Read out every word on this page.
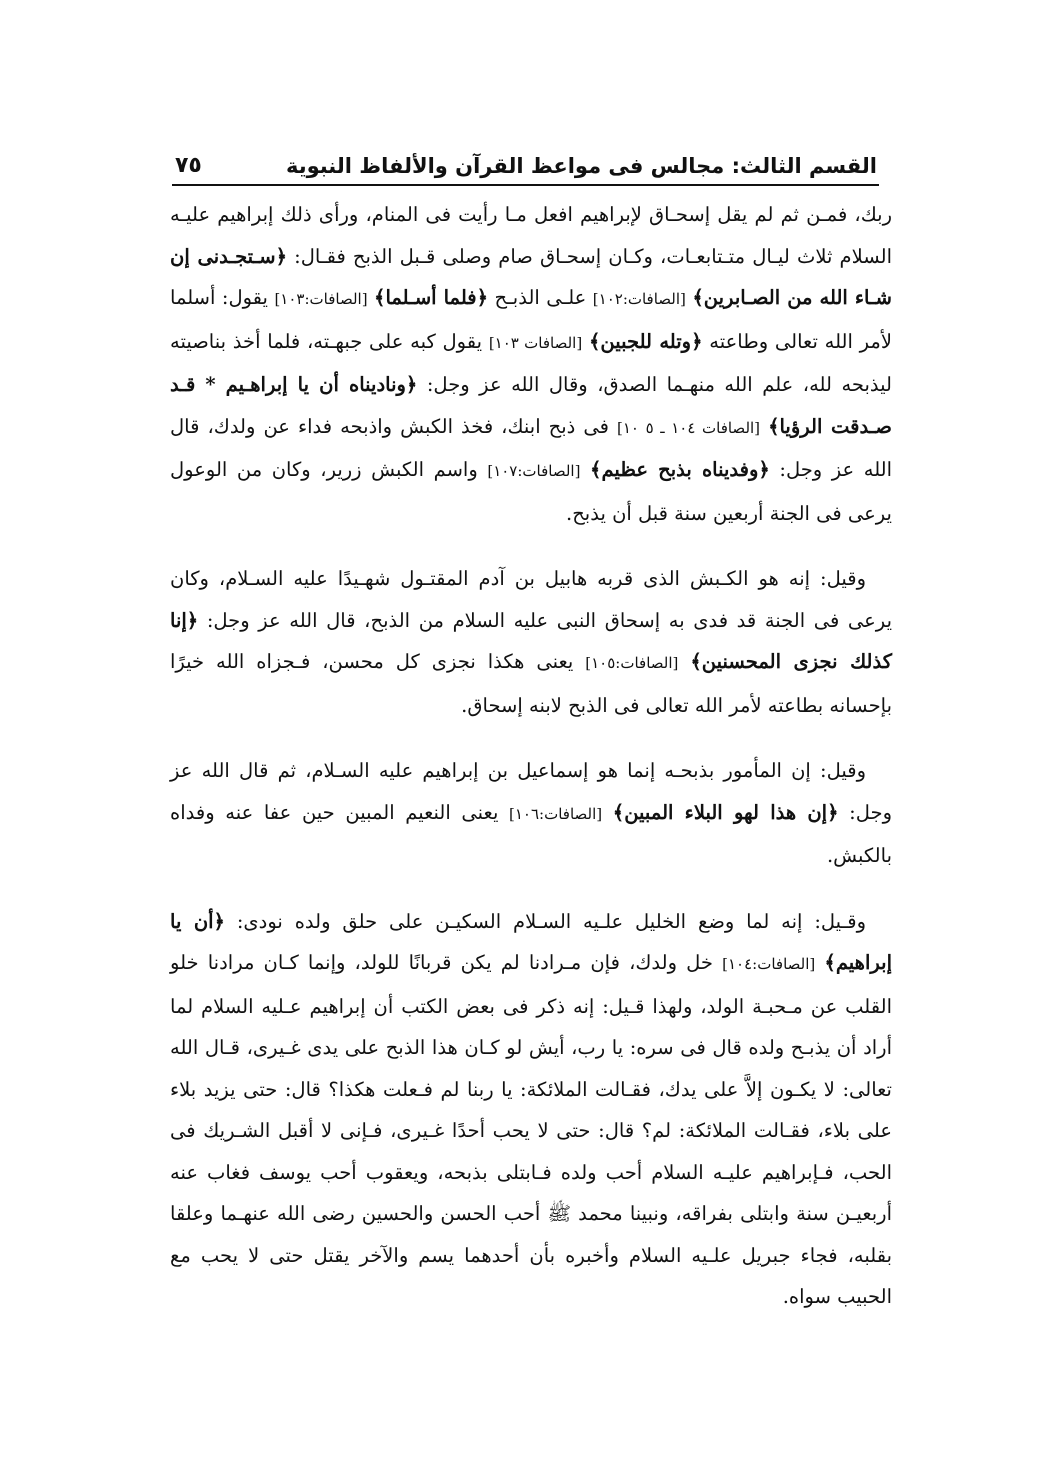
٧٥	القسم الثالث: مجالس فى مواعظ القرآن والألفاظ النبوية

ربك، فمـن ثم لم يقل إسحـاق لإبراهيم افعل مـا رأيت فى المنام، ورأى ذلك إبراهيم عليـه السلام ثلاث ليـال متـتابعـات، وكـان إسحـاق صام وصلى قـبل الذبح فقـال: ﴿سـتجـدنى إن شـاء الله من الصـابرين﴾ [الصافات:١٠٢] علـى الذبـح ﴿فلما أسـلما﴾ [الصافات:١٠٣] يقول: أسلما لأمر الله تعالى وطاعته ﴿وتله للجبين﴾ [الصافات ١٠٣] يقول كبه على جبهـته، فلما أخذ بناصيته ليذبحه لله، علم الله منهـما الصدق، وقال الله عز وجل: ﴿وناديناه أن يا إبراهـيم * قـد صـدقت الرؤيا﴾ [الصافات ١٠٤ ـ ٥ ١٠] فى ذبح ابنك، فخذ الكبش واذبحه فداء عن ولدك، قال الله عز وجل: ﴿وفديناه بذبح عظيم﴾ [الصافات:١٠٧] واسم الكبش زرير، وكان من الوعول يرعى فى الجنة أربعين سنة قبل أن يذبح.

وقيل: إنه هو الكـبش الذى قربه هابيل بن آدم المقتـول شهـيدًا عليه السـلام، وكان يرعى فى الجنة قد فدى به إسحاق النبى عليه السلام من الذبح، قال الله عز وجل: ﴿إنا كذلك نجزى المحسنين﴾ [الصافات:١٠٥] يعنى هكذا نجزى كل محسن، فـجزاه الله خيرًا بإحسانه بطاعته لأمر الله تعالى فى الذبح لابنه إسحاق.

وقيل: إن المأمور بذبحـه إنما هو إسماعيل بن إبراهيم عليه السـلام، ثم قال الله عز وجل: ﴿إن هذا لهو البلاء المبين﴾ [الصافات:١٠٦] يعنى النعيم المبين حين عفا عنه وفداه بالكبش.

وقـيل: إنه لما وضع الخليل علـيه السـلام السكيـن على حلق ولده نودى: ﴿أن يا إبراهيم﴾ [الصافات:١٠٤] خل ولدك، فإن مـرادنا لم يكن قربانًا للولد، وإنما كـان مرادنا خلو القلب عن مـحبـة الولد، ولهذا قـيل: إنه ذكر فى بعض الكتب أن إبراهيم عـليه السلام لما أراد أن يذبـح ولده قال فى سره: يا رب، أيش لو كـان هذا الذبح على يدى غـيرى، قـال الله تعالى: لا يكـون إلاَّ على يدك، فقـالت الملائكة: يا ربنا لم فـعلت هكذا؟ قال: حتى يزيد بلاء على بلاء، فقـالت الملائكة: لم؟ قال: حتى لا يحب أحدًا غـيرى، فـإنى لا أقبل الشـريك فى الحب، فـإبراهيم عليـه السلام أحب ولده فـابتلى بذبحه، ويعقوب أحب يوسف فغاب عنه أربعيـن سنة وابتلى بفراقه، ونبينا محمد ﷺ أحب الحسن والحسين رضى الله عنهـما وعلقا بقلبه، فجاء جبريل علـيه السلام وأخبره بأن أحدهما يسم والآخر يقتل حتى لا يحب مع الحبيب سواه.
